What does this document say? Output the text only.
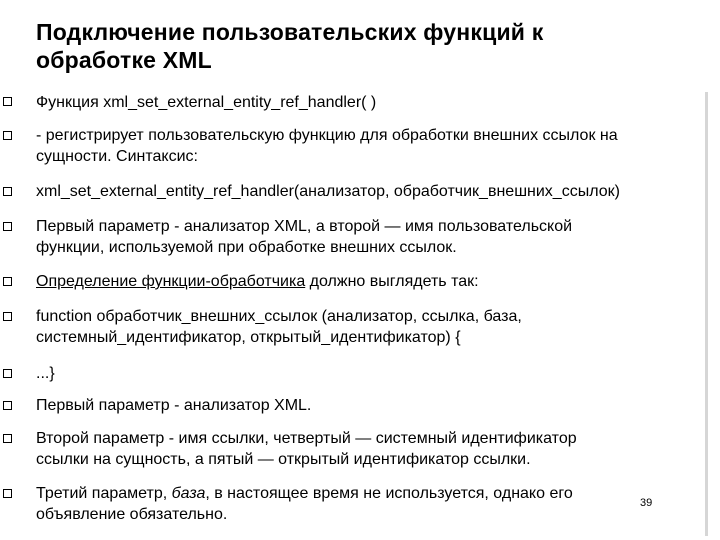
Подключение пользовательских функций к
обработке XML
Функция xml_set_external_entity_ref_handler( )
- регистрирует пользовательскую функцию для обработки внешних ссылок на
сущности. Синтаксис:
xml_set_external_entity_ref_handler(анализатор, обработчик_внешних_ссылок)
Первый параметр - анализатор XML, а второй — имя пользовательской
функции, используемой при обработке внешних ссылок.
Определение функции-обработчика должно выглядеть так:
function обработчик_внешних_ссылок (анализатор, ссылка, база,
системный_идентификатор, открытый_идентификатор) {
...}
Первый параметр - анализатор XML.
Второй параметр - имя ссылки, четвертый — системный идентификатор
ссылки на сущность, а пятый — открытый идентификатор ссылки.
Третий параметр, база, в настоящее время не используется, однако его
объявление обязательно.
39
